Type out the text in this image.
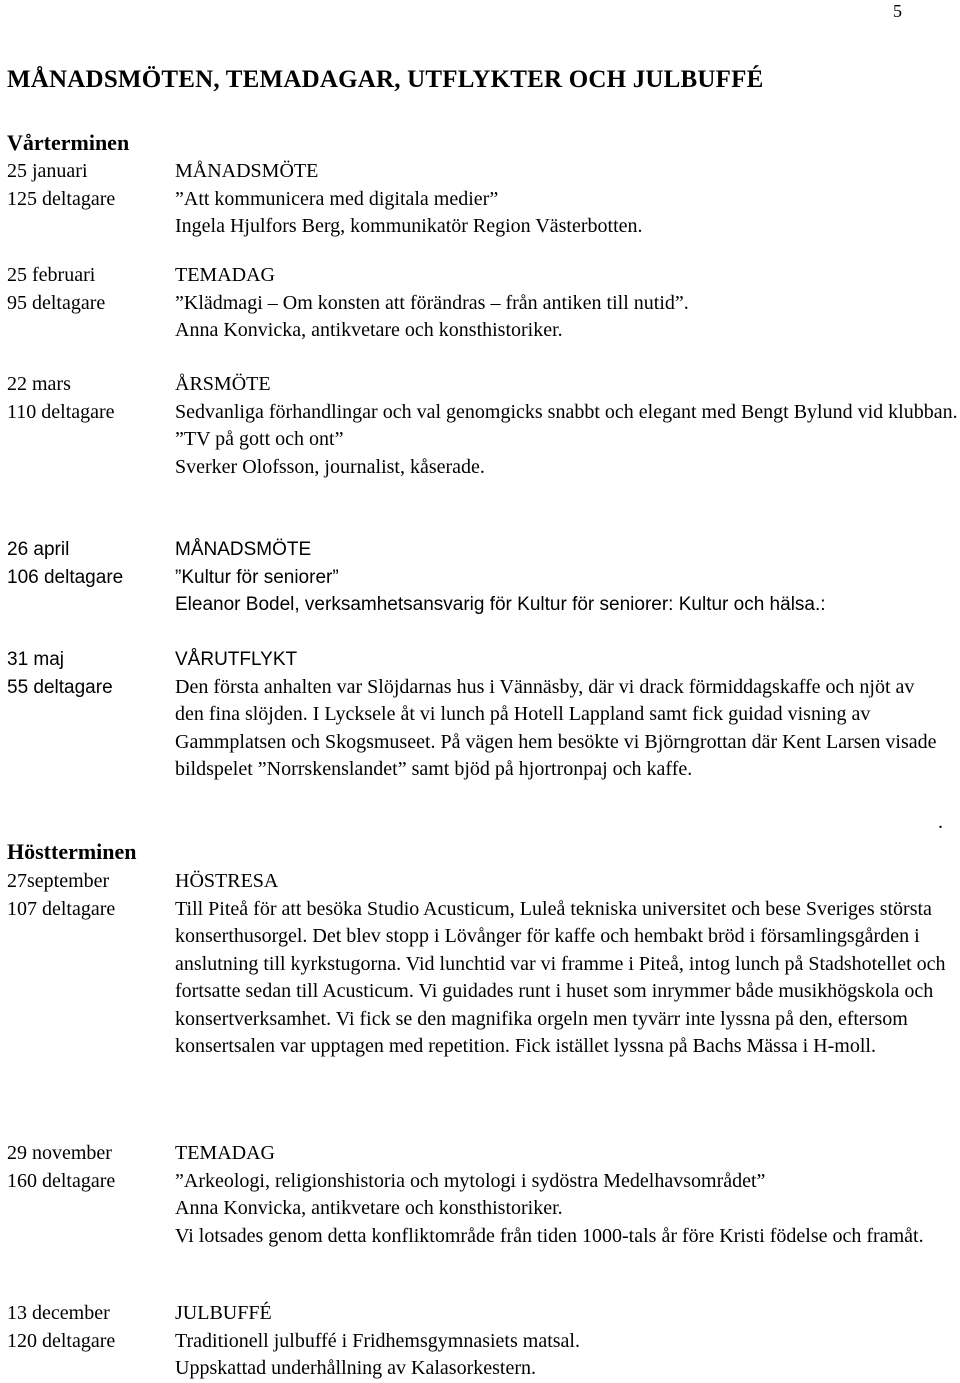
5
MÅNADSMÖTEN, TEMADAGAR, UTFLYKTER OCH JULBUFFÉ
Vårterminen
25 januari
125 deltagare

MÅNADSMÖTE

”Att kommunicera med digitala medier”

Ingela Hjulfors Berg, kommunikatör Region Västerbotten.

25 februari
95 deltagare

TEMADAG

”Klädmagi – Om konsten att förändras – från antiken till nutid”.

Anna Konvicka, antikvetare och konsthistoriker.

22 mars
110 deltagare

ÅRSMÖTE

Sedvanliga förhandlingar och val genomgicks snabbt och elegant med Bengt Bylund vid klubban.

”TV på gott och ont”

Sverker Olofsson, journalist, kåserade.

26 april
106 deltagare

MÅNADSMÖTE

”Kultur för seniorer”

Eleanor Bodel, verksamhetsansvarig för Kultur för seniorer: Kultur och hälsa.:

31 maj
55 deltagare

VÅRUTFLYKT

Den första anhalten var Slöjdarnas hus i Vännäsby, där vi drack förmiddagskaffe och njöt av den fina slöjden. I Lycksele åt vi lunch på Hotell Lappland samt fick guidad visning av Gammplatsen och Skogsmuseet. På vägen hem besökte vi Björngrottan där Kent Larsen visade bildspelet ”Norrskenslandet” samt bjöd på hjortronpaj och kaffe.

.
Höstterminen
27september
107 deltagare

HÖSTRESA

Till Piteå för att besöka Studio Acusticum, Luleå tekniska universitet och bese Sveriges största konserthusorgel. Det blev stopp i Lövånger för kaffe och hembakt bröd i församlingsgården i anslutning till kyrkstugorna. Vid lunchtid var vi framme i Piteå, intog lunch på Stadshotellet och fortsatte sedan till Acusticum. Vi guidades runt i huset som inrymmer både musikhögskola och konsertverksamhet. Vi fick se den magnifika orgeln men tyvärr inte lyssna på den, eftersom konsertsalen var upptagen med repetition. Fick istället lyssna på Bachs Mässa i H-moll.

29 november
160 deltagare

TEMADAG

”Arkeologi, religionshistoria och mytologi i sydöstra Medelhavsområdet”

Anna Konvicka, antikvetare och konsthistoriker.

Vi lotsades genom detta konfliktområde från tiden 1000-tals år före Kristi födelse och framåt.

13 december
120 deltagare

JULBUFFÉ

Traditionell julbuffé i Fridhemsgymnasiets matsal.

Uppskattad underhållning av Kalasorkestern.
